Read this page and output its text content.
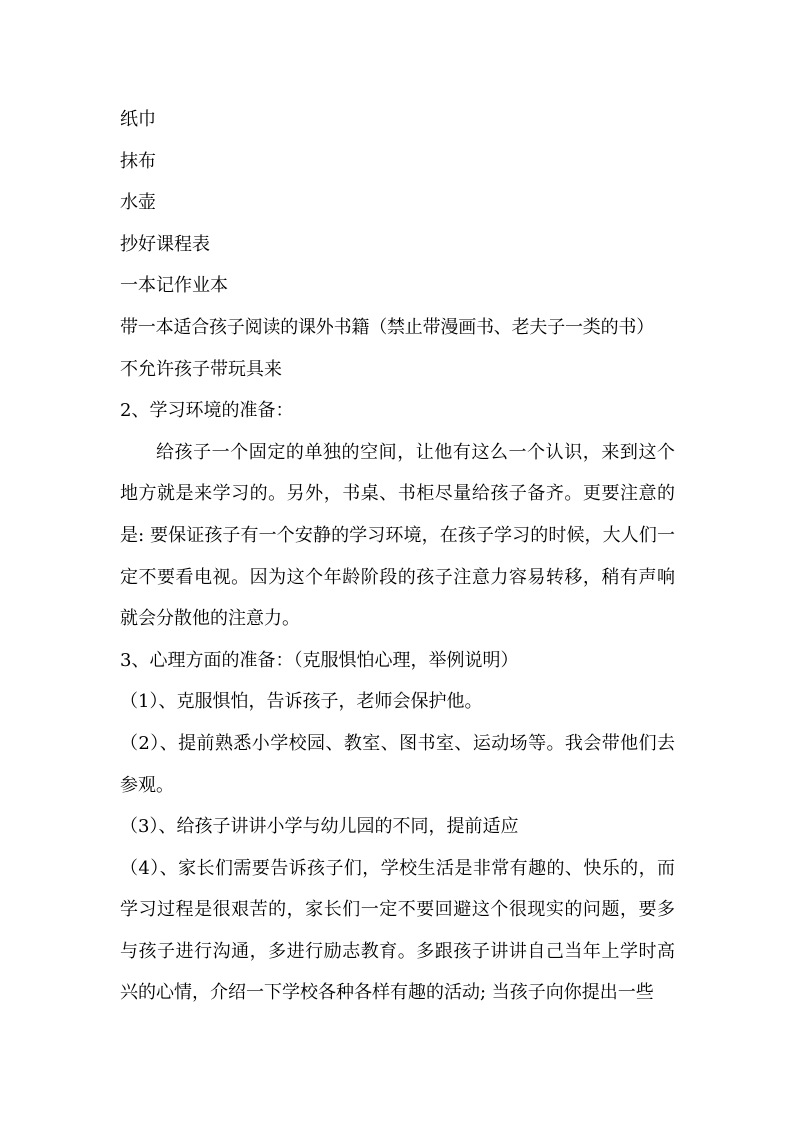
纸巾
抹布
水壶
抄好课程表
一本记作业本
带一本适合孩子阅读的课外书籍（禁止带漫画书、老夫子一类的书）
不允许孩子带玩具来
2、学习环境的准备：

给孩子一个固定的单独的空间，让他有这么一个认识，来到这个地方就是来学习的。另外，书桌、书柜尽量给孩子备齐。更要注意的是: 要保证孩子有一个安静的学习环境，在孩子学习的时候，大人们一定不要看电视。因为这个年龄阶段的孩子注意力容易转移，稍有声响就会分散他的注意力。

3、心理方面的准备：（克服惧怕心理，举例说明）
（1）、克服惧怕，告诉孩子，老师会保护他。

（2）、提前熟悉小学校园、教室、图书室、运动场等。我会带他们去参观。

（3）、给孩子讲讲小学与幼儿园的不同，提前适应

（4）、家长们需要告诉孩子们，学校生活是非常有趣的、快乐的，而学习过程是很艰苦的，家长们一定不要回避这个很现实的问题，要多与孩子进行沟通，多进行励志教育。多跟孩子讲讲自己当年上学时高兴的心情，介绍一下学校各种各样有趣的活动; 当孩子向你提出一些
